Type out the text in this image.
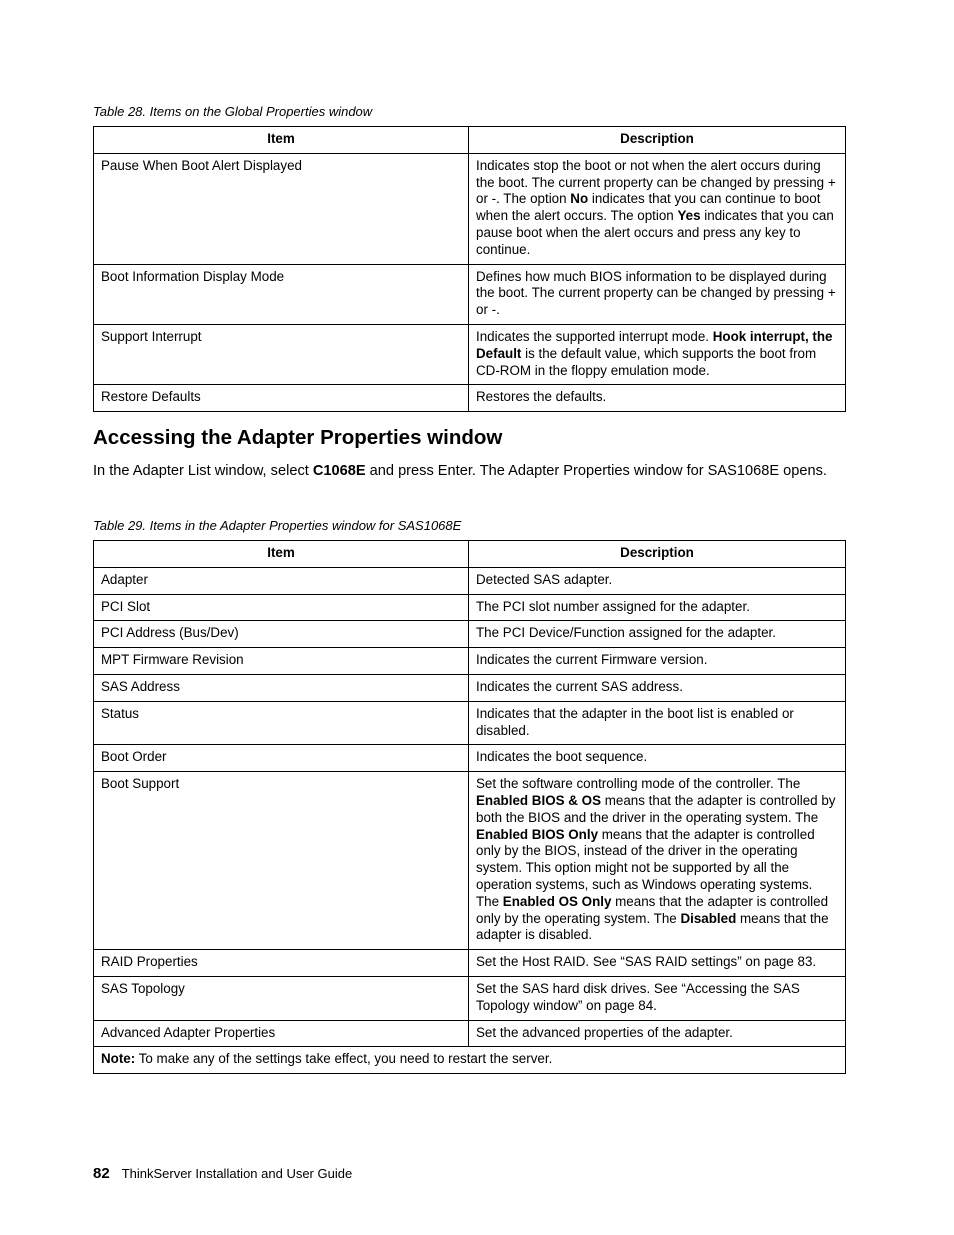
Table 28. Items on the Global Properties window
Item	Description
Pause When Boot Alert Displayed	Indicates stop the boot or not when the alert occurs during the boot. The current property can be changed by pressing + or -. The option No indicates that you can continue to boot when the alert occurs. The option Yes indicates that you can pause boot when the alert occurs and press any key to continue.
Boot Information Display Mode	Defines how much BIOS information to be displayed during the boot. The current property can be changed by pressing + or -.
Support Interrupt	Indicates the supported interrupt mode. Hook interrupt, the Default is the default value, which supports the boot from CD-ROM in the floppy emulation mode.
Restore Defaults	Restores the defaults.
Accessing the Adapter Properties window

In the Adapter List window, select C1068E and press Enter. The Adapter Properties window for SAS1068E opens.

Table 29. Items in the Adapter Properties window for SAS1068E
Item	Description
Adapter	Detected SAS adapter.
PCI Slot	The PCI slot number assigned for the adapter.
PCI Address (Bus/Dev)	The PCI Device/Function assigned for the adapter.
MPT Firmware Revision	Indicates the current Firmware version.
SAS Address	Indicates the current SAS address.
Status	Indicates that the adapter in the boot list is enabled or disabled.
Boot Order	Indicates the boot sequence.
Boot Support	Set the software controlling mode of the controller. The Enabled BIOS & OS means that the adapter is controlled by both the BIOS and the driver in the operating system. The Enabled BIOS Only means that the adapter is controlled only by the BIOS, instead of the driver in the operating system. This option might not be supported by all the operation systems, such as Windows operating systems. The Enabled OS Only means that the adapter is controlled only by the operating system. The Disabled means that the adapter is disabled.
RAID Properties	Set the Host RAID. See “SAS RAID settings” on page 83.
SAS Topology	Set the SAS hard disk drives. See “Accessing the SAS Topology window” on page 84.
Advanced Adapter Properties	Set the advanced properties of the adapter.
Note: To make any of the settings take effect, you need to restart the server.	
82 ThinkServer Installation and User Guide
